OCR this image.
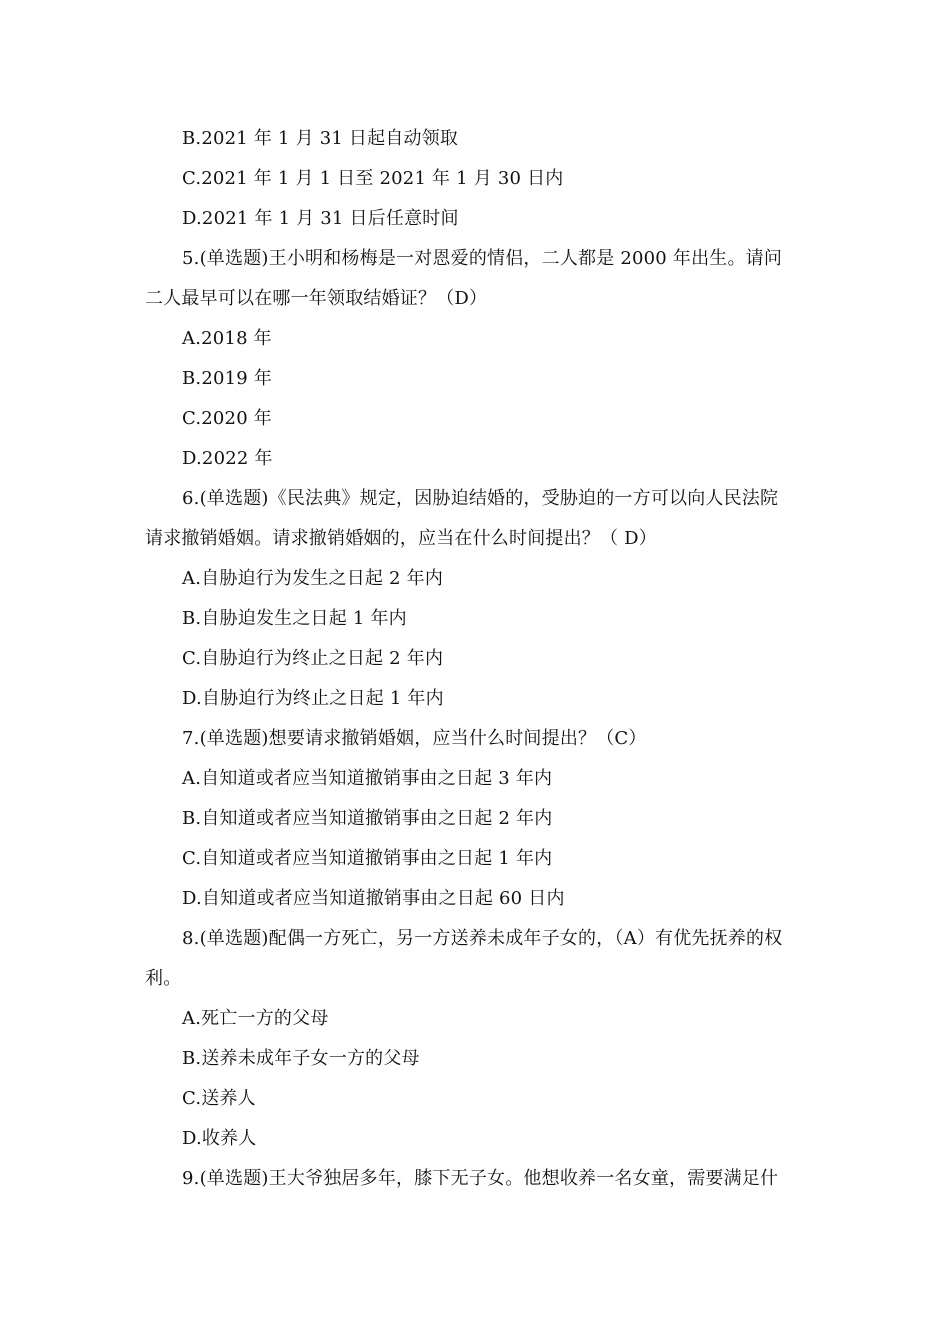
B.2021 年 1 月 31 日起自动领取
C.2021 年 1 月 1 日至 2021 年 1 月 30 日内
D.2021 年 1 月 31 日后任意时间
5.(单选题)王小明和杨梅是一对恩爱的情侣，二人都是 2000 年出生。请问
二人最早可以在哪一年领取结婚证？（D）
A.2018 年
B.2019 年
C.2020 年
D.2022 年
6.(单选题)《民法典》规定，因胁迫结婚的，受胁迫的一方可以向人民法院
请求撤销婚姻。请求撤销婚姻的，应当在什么时间提出？（ D）
A.自胁迫行为发生之日起 2 年内
B.自胁迫发生之日起 1 年内
C.自胁迫行为终止之日起 2 年内
D.自胁迫行为终止之日起 1 年内
7.(单选题)想要请求撤销婚姻，应当什么时间提出？（C）
A.自知道或者应当知道撤销事由之日起 3 年内
B.自知道或者应当知道撤销事由之日起 2 年内
C.自知道或者应当知道撤销事由之日起 1 年内
D.自知道或者应当知道撤销事由之日起 60 日内
8.(单选题)配偶一方死亡，另一方送养未成年子女的，（A）有优先抚养的权
利。
A.死亡一方的父母
B.送养未成年子女一方的父母
C.送养人
D.收养人
9.(单选题)王大爷独居多年，膝下无子女。他想收养一名女童，需要满足什
